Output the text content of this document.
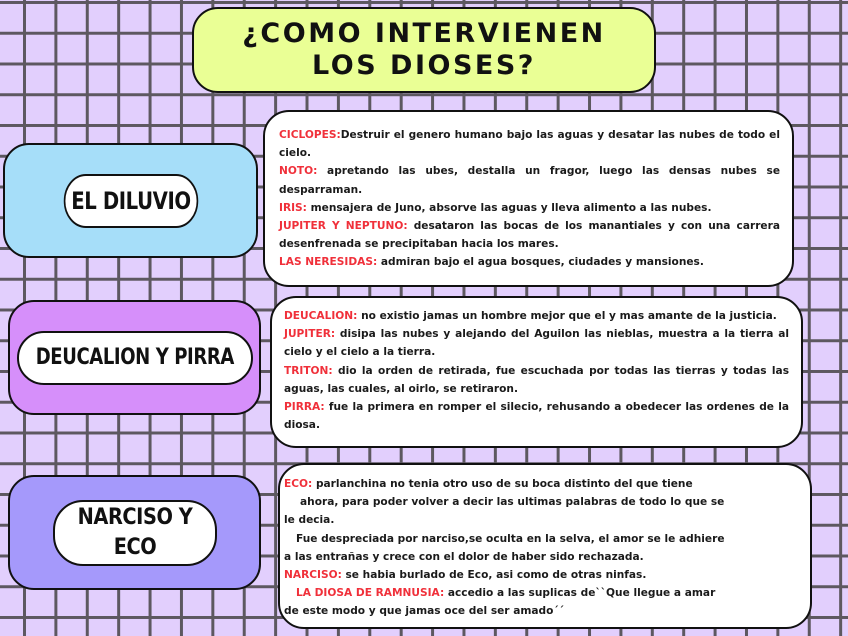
¿COMO INTERVIENEN LOS DIOSES?
EL DILUVIO

CICLOPES:Destruir el genero humano bajo las aguas y desatar las nubes de todo el cielo.

NOTO: apretando las ubes, destalla un fragor, luego las densas nubes se desparraman.

IRIS: mensajera de Juno, absorve las aguas y lleva alimento a las nubes.

JUPITER Y NEPTUNO: desataron las bocas de los manantiales y con una carrera desenfrenada se precipitaban hacia los mares.

LAS NERESIDAS: admiran bajo el agua bosques, ciudades y mansiones.

DEUCALION Y PIRRA

DEUCALION: no existio jamas un hombre mejor que el y mas amante de la justicia.

JUPITER: disipa las nubes y alejando del Aguilon las nieblas, muestra a la tierra al cielo y el cielo a la tierra.

TRITON: dio la orden de retirada, fue escuchada por todas las tierras y todas las aguas, las cuales, al oirlo, se retiraron.

PIRRA: fue la primera en romper el silecio, rehusando a obedecer las ordenes de la diosa.

NARCISO Y ECO

ECO: parlanchina no tenia otro uso de su boca distinto del que tiene

ahora, para poder volver a decir las ultimas palabras de todo lo que se

le decia.

Fue despreciada por narciso,se oculta en la selva, el amor se le adhiere

a las entrañas y crece con el dolor de haber sido rechazada.

NARCISO: se habia burlado de Eco, asi como de otras ninfas.

LA DIOSA DE RAMNUSIA: accedio a las suplicas de``Que llegue a amar

de este modo y que jamas oce del ser amado´´
